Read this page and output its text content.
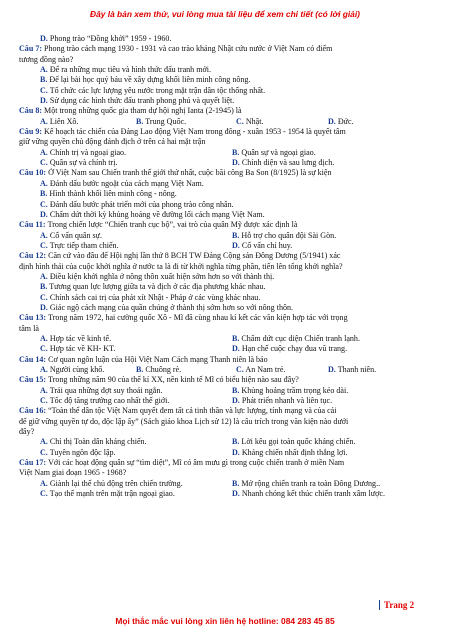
Đây là bản xem thử, vui lòng mua tài liệu để xem chi tiết (có lời giải)
D. Phong trào “Đồng khởi” 1959 - 1960.
Câu 7: Phong trào cách mạng 1930 - 1931 và cao trào kháng Nhật cứu nước ở Việt Nam có điểm
tương đồng nào?
A. Để ra những mục tiêu và hình thức đấu tranh mới.
B. Để lại bài học quý báu về xây dựng khối liên minh công nông.
C. Tổ chức các lực lượng yêu nước trong mặt trận dân tộc thống nhất.
D. Sử dụng các hình thức đấu tranh phong phú và quyết liệt.
Câu 8: Một trong những quốc gia tham dự hội nghị Ianta (2-1945) là
A. Liên Xô.	B. Trung Quốc.	C. Nhật.	D. Đức.
Câu 9: Kế hoạch tác chiến của Đảng Lao động Việt Nam trong đông - xuân 1953 - 1954 là quyết tâm
giữ vững quyền chủ động đánh địch ở trên cả hai mặt trận
A. Chính trị và ngoại giao.	B. Quân sự và ngoại giao.
C. Quân sự và chính trị.	D. Chính diện và sau lưng địch.
Câu 10: Ở Việt Nam sau Chiến tranh thế giới thứ nhất, cuộc bãi công Ba Son (8/1925) là sự kiện
A. Đánh dấu bước ngoặt của cách mạng Việt Nam.
B. Hình thành khối liên minh công - nông.
C. Đánh dấu bước phát triển mới của phong trào công nhân.
D. Chấm dứt thời kỳ khủng hoảng về đường lối cách mạng Việt Nam.
Câu 11: Trong chiến lược “Chiến tranh cục bộ”, vai trò của quân Mỹ được xác định là
A. Cố vấn quân sự.	B. Hỗ trợ cho quân đội Sài Gòn.
C. Trực tiếp tham chiến.	D. Cố vấn chỉ huy.
Câu 12: Căn cứ vào đâu để Hội nghị lần thứ 8 BCH TW Đảng Cộng sản Đông Dương (5/1941) xác
định hình thái của cuộc khởi nghĩa ở nước ta là đi từ khởi nghĩa từng phần, tiến lên tổng khởi nghĩa?
A. Điều kiện khởi nghĩa ở nông thôn xuất hiện sớm hơn so với thành thị.
B. Tương quan lực lượng giữa ta và địch ở các địa phương khác nhau.
C. Chính sách cai trị của phát xít Nhật - Pháp ở các vùng khác nhau.
D. Giác ngộ cách mạng của quần chúng ở thành thị sớm hơn so với nông thôn.
Câu 13: Trong năm 1972, hai cường quốc Xô - Mĩ đã cùng nhau kí kết các văn kiện hợp tác với trọng
tâm là
A. Hợp tác về kinh tế.	B. Chấm dứt cục diện Chiến tranh lạnh.
C. Hợp tác về KH- KT.	D. Hạn chế cuộc chạy đua vũ trang.
Câu 14: Cơ quan ngôn luận của Hội Việt Nam Cách mạng Thanh niên là báo
A. Người cùng khổ.	B. Chuông rè.	C. An Nam trẻ.	D. Thanh niên.
Câu 15: Trong những năm 90 của thế kỉ XX, nền kinh tế Mĩ có biểu hiện nào sau đây?
A. Trải qua những đợt suy thoái ngắn.	B. Khủng hoảng trầm trọng kéo dài.
C. Tốc độ tăng trưởng cao nhất thế giới.	D. Phát triển nhanh và liên tục.
Câu 16: “Toàn thể dân tộc Việt Nam quyết đem tất cả tinh thần và lực lượng, tính mạng và của cải
để giữ vững quyền tự do, độc lập ấy” (Sách giáo khoa Lịch sử 12) là câu trích trong văn kiện nào dưới
đây?
A. Chỉ thị Toàn dân kháng chiến.	B. Lời kêu gọi toàn quốc kháng chiến.
C. Tuyên ngôn độc lập.	D. Kháng chiến nhất định thắng lợi.
Câu 17: Với các hoạt động quân sự “tìm diệt”, Mĩ có âm mưu gì trong cuộc chiến tranh ở miền Nam
Việt Nam giai đoạn 1965 - 1968?
A. Giành lại thế chủ động trên chiến trường.	B. Mở rộng chiến tranh ra toàn Đông Dương..
C. Tạo thế mạnh trên mặt trận ngoại giao.	D. Nhanh chóng kết thúc chiến tranh xâm lược.
Trang 2
Mọi thắc mắc vui lòng xin liên hệ hotline: 084 283 45 85
